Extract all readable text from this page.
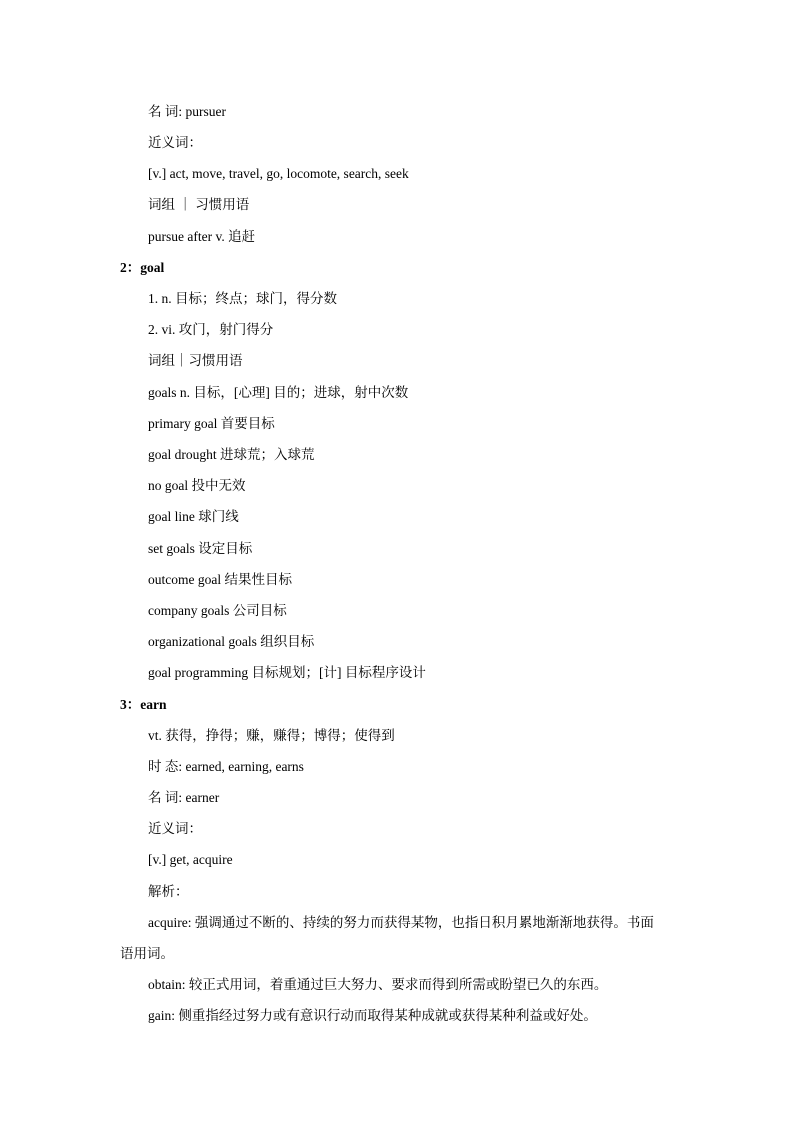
名 词: pursuer
近义词：
[v.] act, move, travel, go, locomote, search, seek
词组 ｜ 习惯用语
pursue after v. 追赶
2：goal
1. n. 目标；终点；球门，得分数
2. vi. 攻门，射门得分
词组｜习惯用语
goals n. 目标，[心理] 目的；进球，射中次数
primary goal 首要目标
goal drought 进球荒；入球荒
no goal 投中无效
goal line 球门线
set goals 设定目标
outcome goal 结果性目标
company goals 公司目标
organizational goals 组织目标
goal programming 目标规划；[计] 目标程序设计
3：earn
vt. 获得，挣得；赚，赚得；博得；使得到
时 态: earned, earning, earns
名 词: earner
近义词：
[v.] get, acquire
解析：
acquire: 强调通过不断的、持续的努力而获得某物，也指日积月累地渐渐地获得。书面语用词。
obtain: 较正式用词，着重通过巨大努力、要求而得到所需或盼望已久的东西。
gain: 侧重指经过努力或有意识行动而取得某种成就或获得某种利益或好处。
